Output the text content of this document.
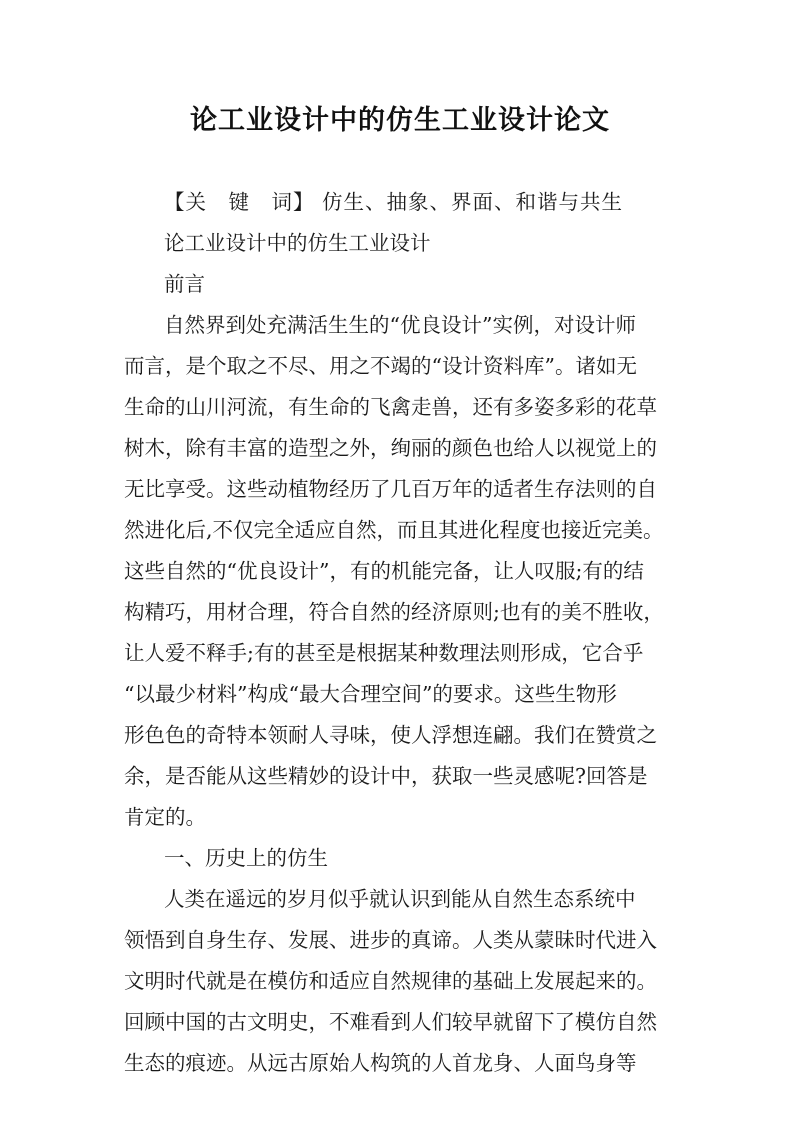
论工业设计中的仿生工业设计论文
【关　键　词】 仿生、抽象、界面、和谐与共生
论工业设计中的仿生工业设计
前言
自然界到处充满活生生的“优良设计”实例，对设计师
而言，是个取之不尽、用之不竭的“设计资料库”。诸如无
生命的山川河流，有生命的飞禽走兽，还有多姿多彩的花草
树木，除有丰富的造型之外，绚丽的颜色也给人以视觉上的
无比享受。这些动植物经历了几百万年的适者生存法则的自
然进化后,不仅完全适应自然，而且其进化程度也接近完美。
这些自然的“优良设计”，有的机能完备，让人叹服;有的结
构精巧，用材合理，符合自然的经济原则;也有的美不胜收，
让人爱不释手;有的甚至是根据某种数理法则形成，它合乎
“以最少材料”构成“最大合理空间”的要求。这些生物形
形色色的奇特本领耐人寻味，使人浮想连翩。我们在赞赏之
余，是否能从这些精妙的设计中，获取一些灵感呢?回答是
肯定的。
一、历史上的仿生
人类在遥远的岁月似乎就认识到能从自然生态系统中
领悟到自身生存、发展、进步的真谛。人类从蒙昧时代进入
文明时代就是在模仿和适应自然规律的基础上发展起来的。
回顾中国的古文明史，不难看到人们较早就留下了模仿自然
生态的痕迹。从远古原始人构筑的人首龙身、人面鸟身等
